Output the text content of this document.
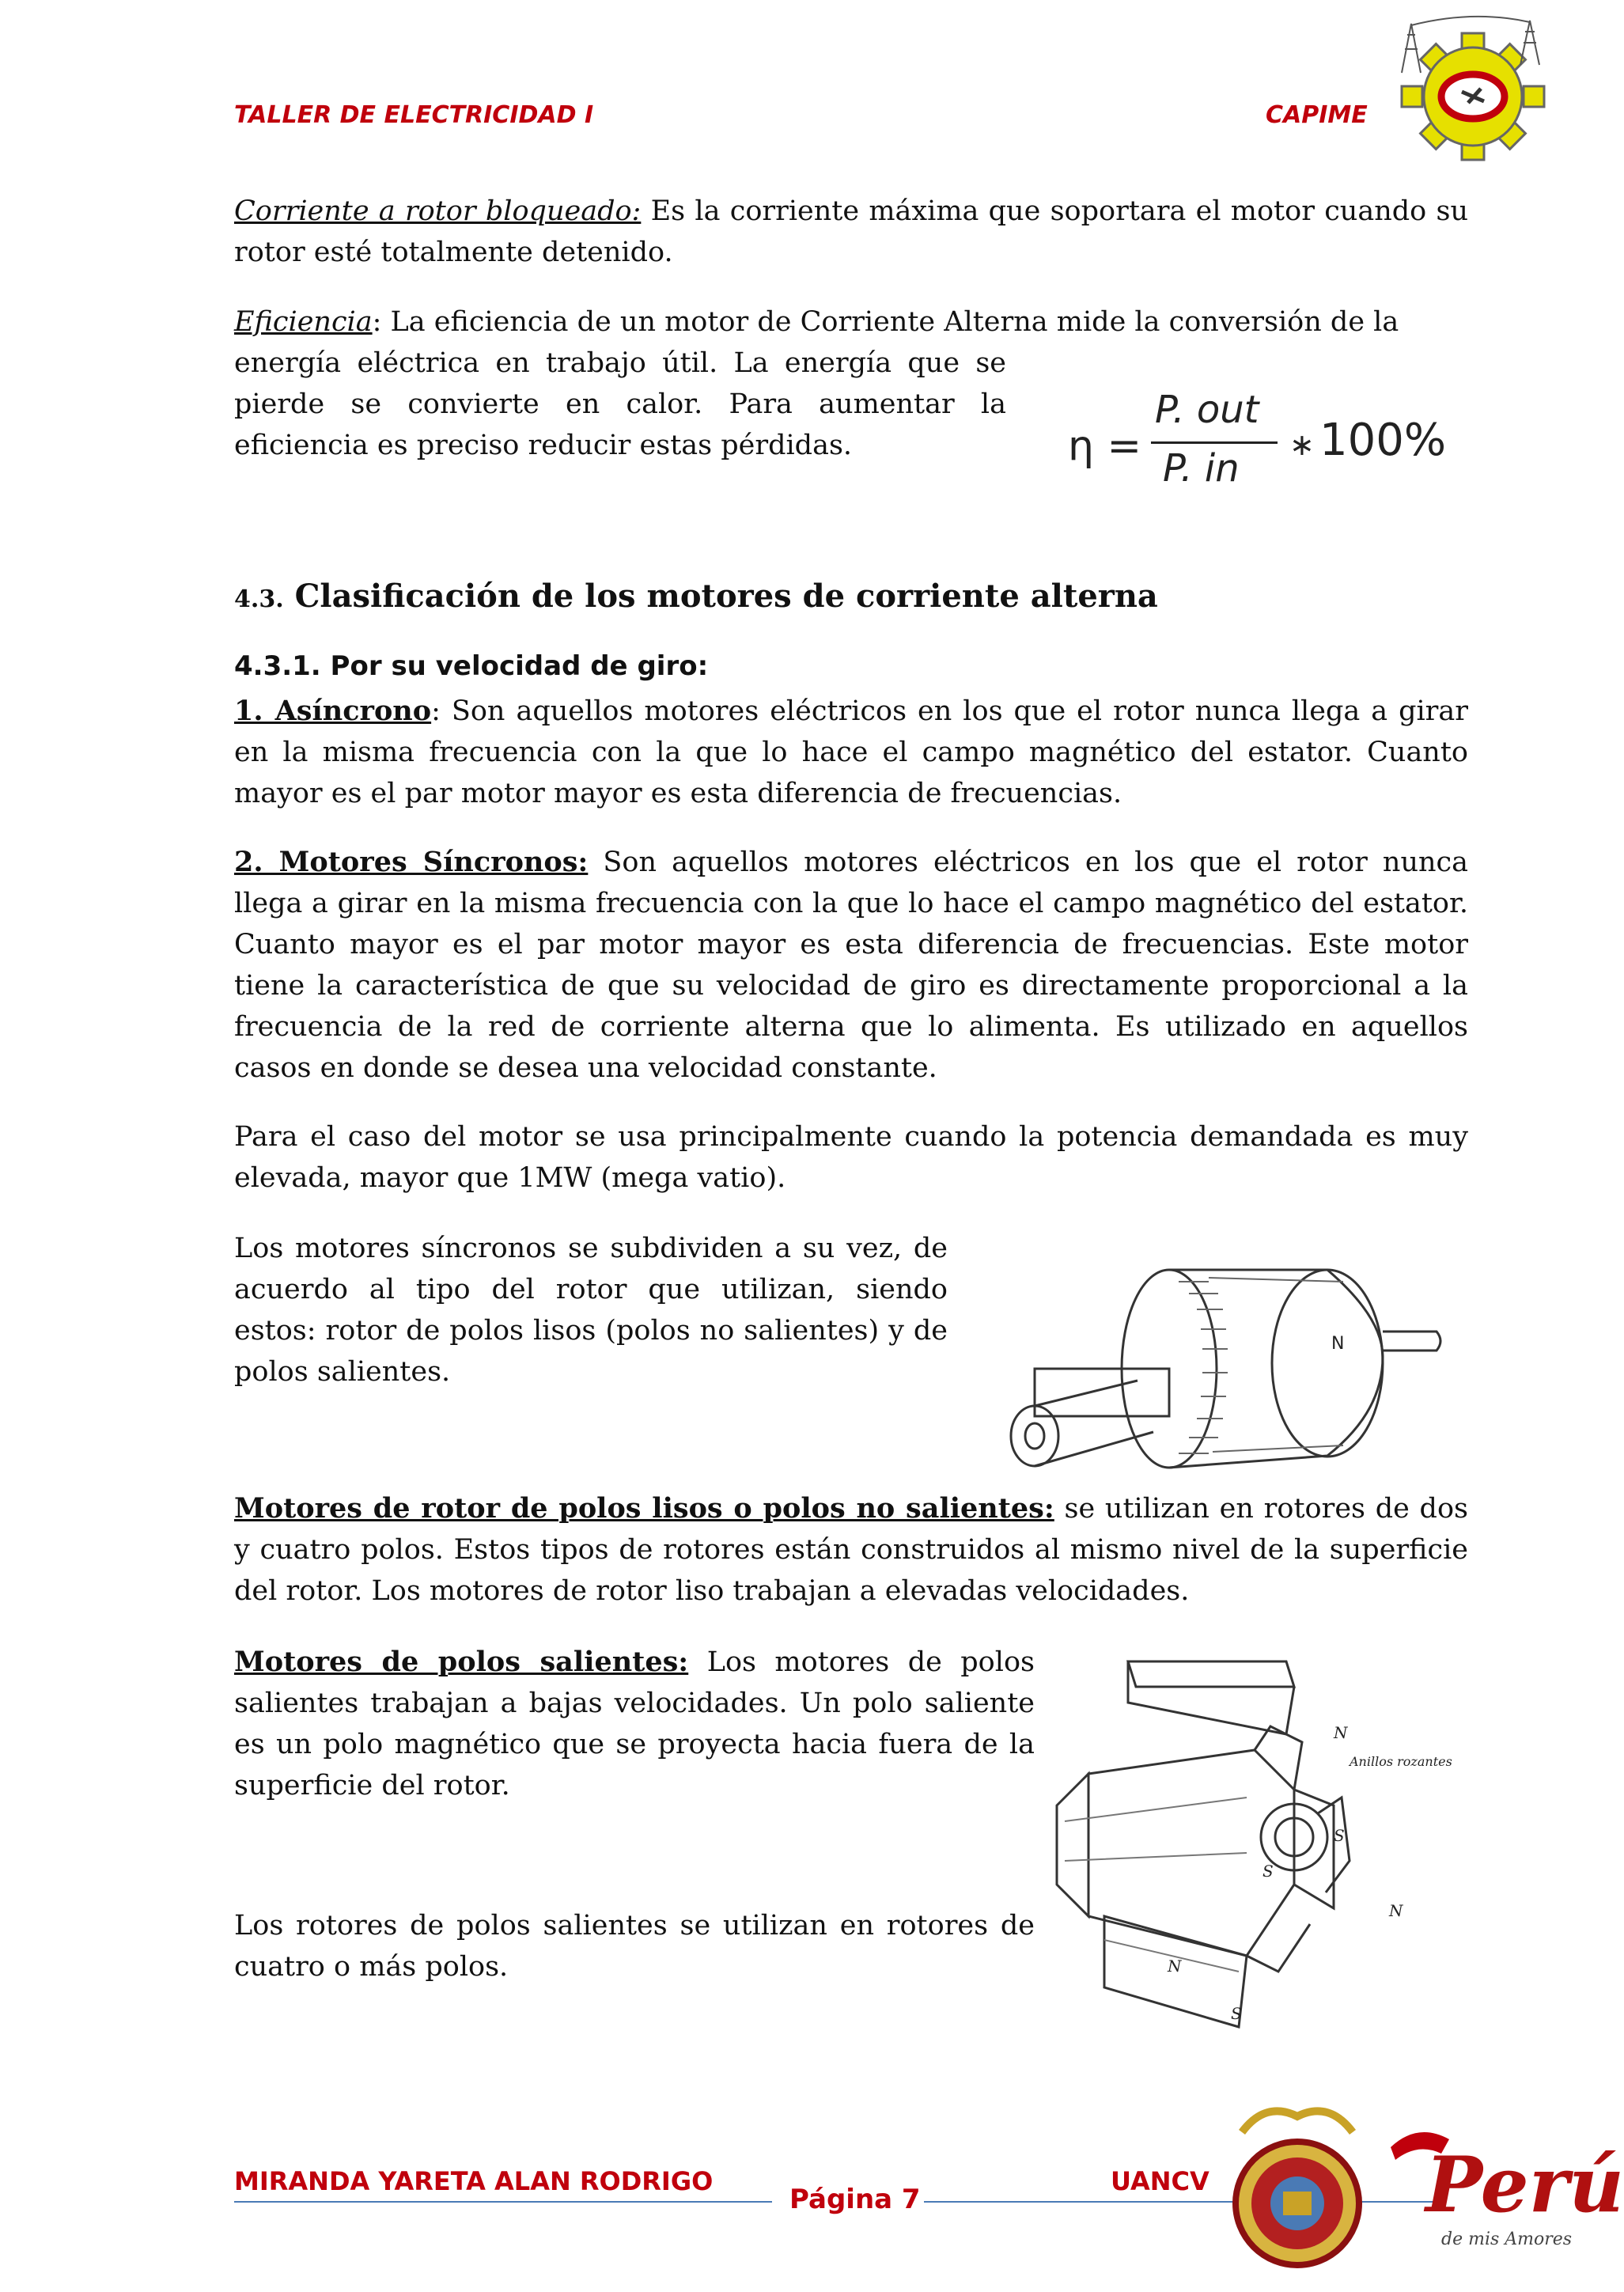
TALLER DE ELECTRICIDAD I	CAPIME
Corriente a rotor bloqueado: Es la corriente máxima que soportara el motor cuando su rotor esté totalmente detenido.
Eficiencia: La eficiencia de un motor de Corriente Alterna mide la conversión de la
energía eléctrica en trabajo útil. La energía que se pierde se convierte en calor. Para aumentar la eficiencia es preciso reducir estas pérdidas.	η =
P. out
P. in
∗ 100%
4.3. Clasificación de los motores de corriente alterna
4.3.1. Por su velocidad de giro:
1. Asíncrono: Son aquellos motores eléctricos en los que el rotor nunca llega a girar en la misma frecuencia con la que lo hace el campo magnético del estator. Cuanto mayor es el par motor mayor es esta diferencia de frecuencias.
2. Motores Síncronos: Son aquellos motores eléctricos en los que el rotor nunca llega a girar en la misma frecuencia con la que lo hace el campo magnético del estator. Cuanto mayor es el par motor mayor es esta diferencia de frecuencias. Este motor tiene la característica de que su velocidad de giro es directamente proporcional a la frecuencia de la red de corriente alterna que lo alimenta. Es utilizado en aquellos casos en donde se desea una velocidad constante.
Para el caso del motor se usa principalmente cuando la potencia demandada es muy elevada, mayor que 1MW (mega vatio).
Los motores síncronos se subdividen a su vez, de acuerdo al tipo del rotor que utilizan, siendo estos: rotor de polos lisos (polos no salientes) y de polos salientes.
N
Motores de rotor de polos lisos o polos no salientes: se utilizan en rotores de dos y cuatro polos. Estos tipos de rotores están construidos al mismo nivel de la superficie del rotor. Los motores de rotor liso trabajan a elevadas velocidades.
Motores de polos salientes: Los motores de polos salientes trabajan a bajas velocidades. Un polo saliente es un polo magnético que se proyecta hacia fuera de la superficie del rotor.
Los rotores de polos salientes se utilizan en rotores de cuatro o más polos.
N
S
N
S
N
S
Anillos rozantes
MIRANDA YARETA ALAN RODRIGO
Página 7
UANCV	Perú
de mis Amores
